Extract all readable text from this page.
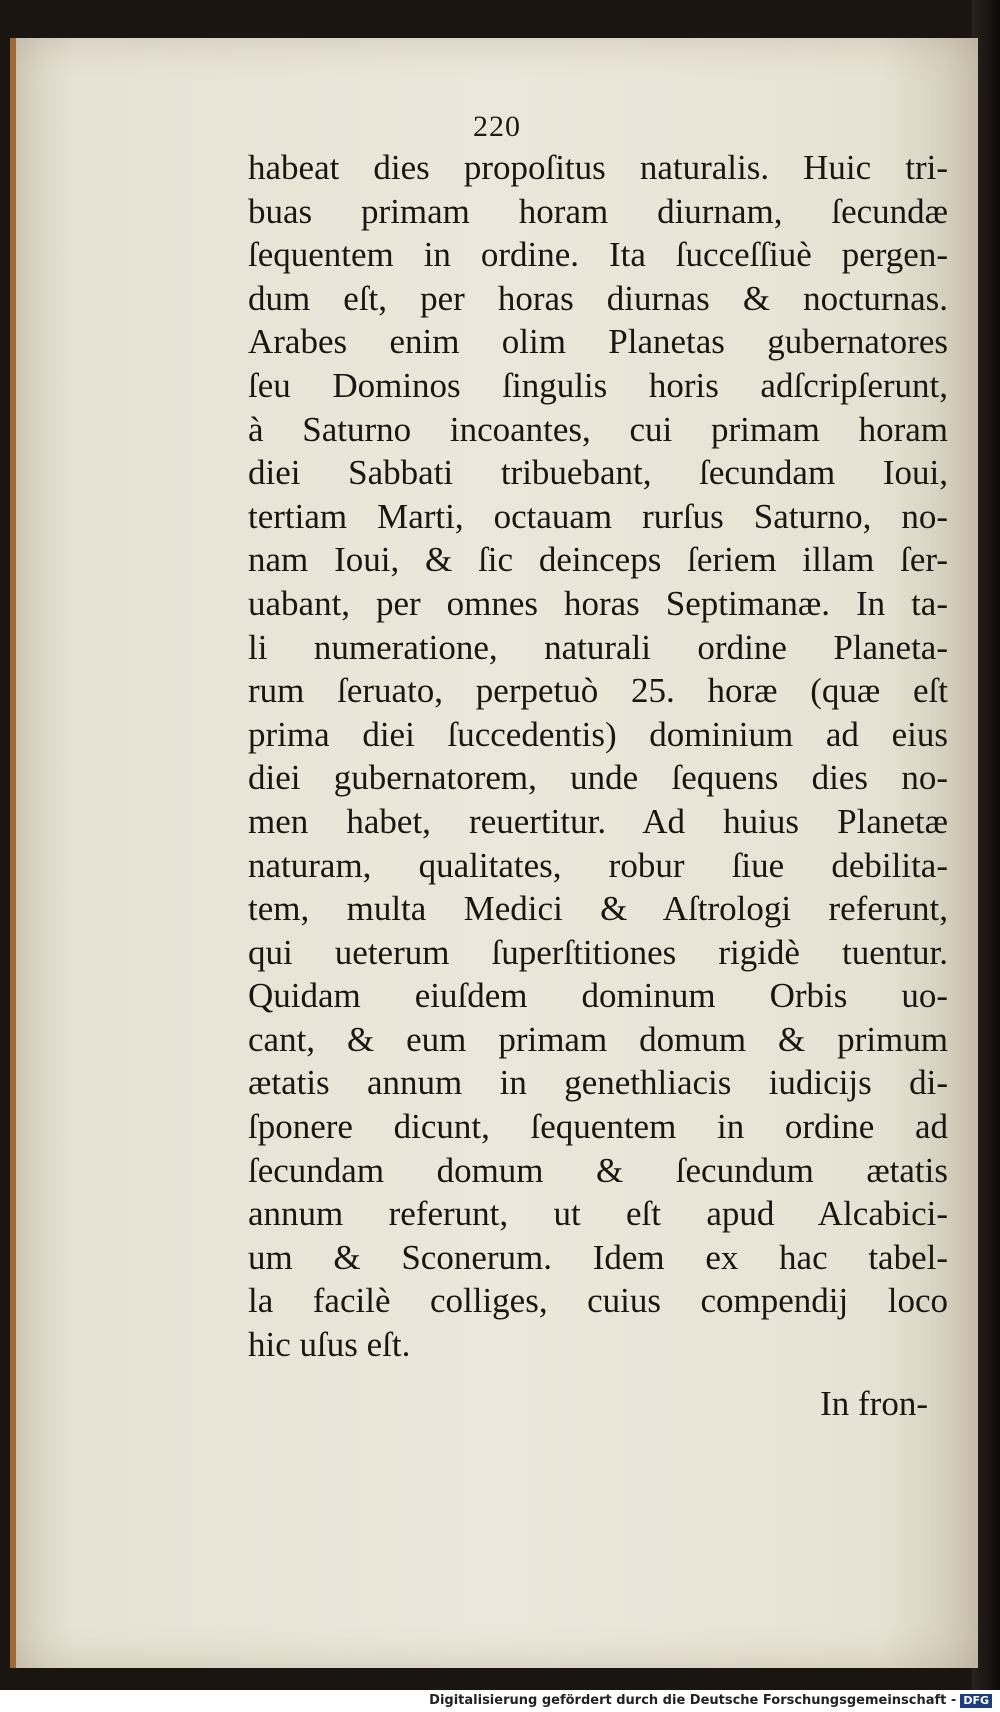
220
habeat dies propoſitus naturalis. Huic tri-
buas primam horam diurnam, ſecundæ
ſequentem in ordine. Ita ſucceſſiuè pergen-
dum eſt, per horas diurnas & nocturnas.
Arabes enim olim Planetas gubernatores
ſeu Dominos ſingulis horis adſcripſerunt,
à Saturno incoantes, cui primam horam
diei Sabbati tribuebant, ſecundam Ioui,
tertiam Marti, octauam rurſus Saturno, no-
nam Ioui, & ſic deinceps ſeriem illam ſer-
uabant, per omnes horas Septimanæ. In ta-
li numeratione, naturali ordine Planeta-
rum ſeruato, perpetuò 25. horæ (quæ eſt
prima diei ſuccedentis) dominium ad eius
diei gubernatorem, unde ſequens dies no-
men habet, reuertitur. Ad huius Planetæ
naturam, qualitates, robur ſiue debilita-
tem, multa Medici & Aſtrologi referunt,
qui ueterum ſuperſtitiones rigidè tuentur.
Quidam eiuſdem dominum Orbis uo-
cant, & eum primam domum & primum
ætatis annum in genethliacis iudicijs di-
ſponere dicunt, ſequentem in ordine ad
ſecundam domum & ſecundum ætatis
annum referunt, ut eſt apud Alcabici-
um & Sconerum. Idem ex hac tabel-
la facilè colliges, cuius compendij loco
hic uſus eſt.
In fron-
Digitalisierung gefördert durch die Deutsche Forschungsgemeinschaft - DFG
